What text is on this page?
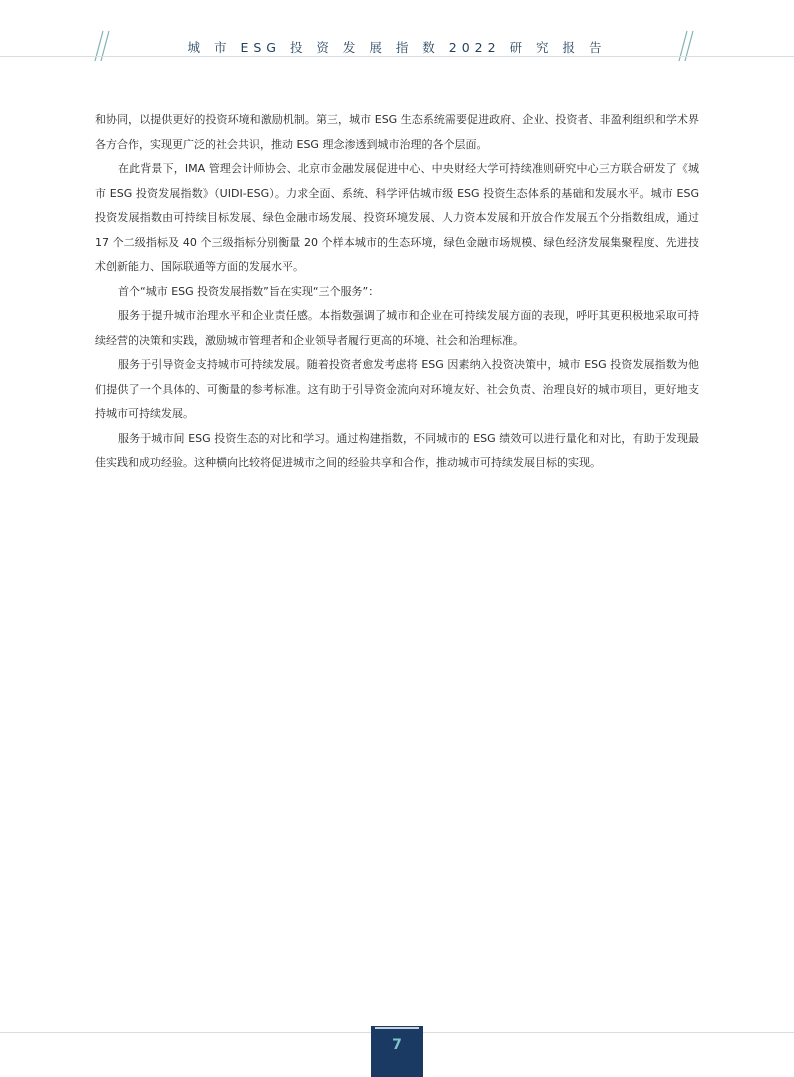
城 市 ESG 投 资 发 展 指 数 2022 研 究 报 告

和协同，以提供更好的投资环境和激励机制。第三，城市 ESG 生态系统需要促进政府、企业、投资者、非盈利组织和学术界各方合作，实现更广泛的社会共识，推动 ESG 理念渗透到城市治理的各个层面。

在此背景下，IMA 管理会计师协会、北京市金融发展促进中心、中央财经大学可持续准则研究中心三方联合研发了《城市 ESG 投资发展指数》（UIDI-ESG）。力求全面、系统、科学评估城市级 ESG 投资生态体系的基础和发展水平。城市 ESG 投资发展指数由可持续目标发展、绿色金融市场发展、投资环境发展、人力资本发展和开放合作发展五个分指数组成，通过 17 个二级指标及 40 个三级指标分别衡量 20 个样本城市的生态环境，绿色金融市场规模、绿色经济发展集聚程度、先进技术创新能力、国际联通等方面的发展水平。

首个“城市 ESG 投资发展指数”旨在实现“三个服务”：

服务于提升城市治理水平和企业责任感。本指数强调了城市和企业在可持续发展方面的表现，呼吁其更积极地采取可持续经营的决策和实践，激励城市管理者和企业领导者履行更高的环境、社会和治理标准。

服务于引导资金支持城市可持续发展。随着投资者愈发考虑将 ESG 因素纳入投资决策中，城市 ESG 投资发展指数为他们提供了一个具体的、可衡量的参考标准。这有助于引导资金流向对环境友好、社会负责、治理良好的城市项目，更好地支持城市可持续发展。

服务于城市间 ESG 投资生态的对比和学习。通过构建指数，不同城市的 ESG 绩效可以进行量化和对比，有助于发现最佳实践和成功经验。这种横向比较将促进城市之间的经验共享和合作，推动城市可持续发展目标的实现。

7
